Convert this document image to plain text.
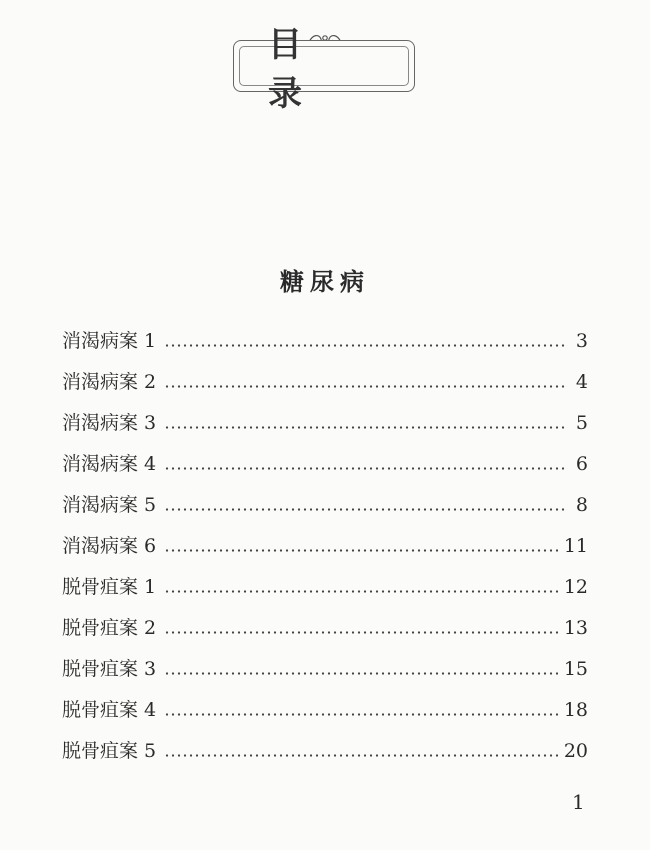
目 录
糖尿病
消渴病案 1	3
消渴病案 2	4
消渴病案 3	5
消渴病案 4	6
消渴病案 5	8
消渴病案 6	11
脱骨疽案 1	12
脱骨疽案 2	13
脱骨疽案 3	15
脱骨疽案 4	18
脱骨疽案 5	20
1
